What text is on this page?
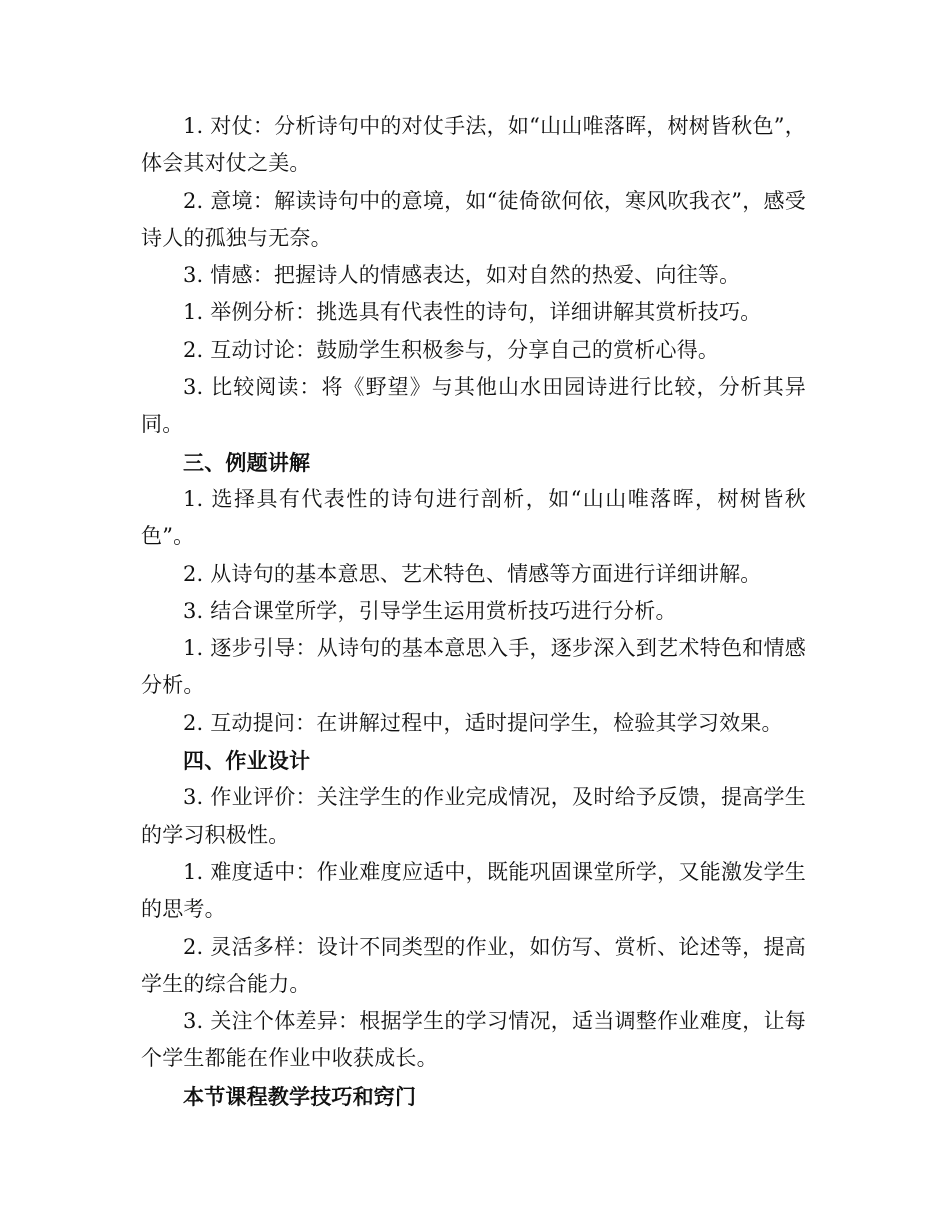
1. 对仗：分析诗句中的对仗手法，如“山山唯落晖，树树皆秋色”，体会其对仗之美。

2. 意境：解读诗句中的意境，如“徒倚欲何依，寒风吹我衣”，感受诗人的孤独与无奈。

3. 情感：把握诗人的情感表达，如对自然的热爱、向往等。

1. 举例分析：挑选具有代表性的诗句，详细讲解其赏析技巧。

2. 互动讨论：鼓励学生积极参与，分享自己的赏析心得。

3. 比较阅读：将《野望》与其他山水田园诗进行比较，分析其异同。

三、例题讲解

1. 选择具有代表性的诗句进行剖析，如“山山唯落晖，树树皆秋色”。

2. 从诗句的基本意思、艺术特色、情感等方面进行详细讲解。

3. 结合课堂所学，引导学生运用赏析技巧进行分析。

1. 逐步引导：从诗句的基本意思入手，逐步深入到艺术特色和情感分析。

2. 互动提问：在讲解过程中，适时提问学生，检验其学习效果。

四、作业设计

3. 作业评价：关注学生的作业完成情况，及时给予反馈，提高学生的学习积极性。

1. 难度适中：作业难度应适中，既能巩固课堂所学，又能激发学生的思考。

2. 灵活多样：设计不同类型的作业，如仿写、赏析、论述等，提高学生的综合能力。

3. 关注个体差异：根据学生的学习情况，适当调整作业难度，让每个学生都能在作业中收获成长。

本节课程教学技巧和窍门
